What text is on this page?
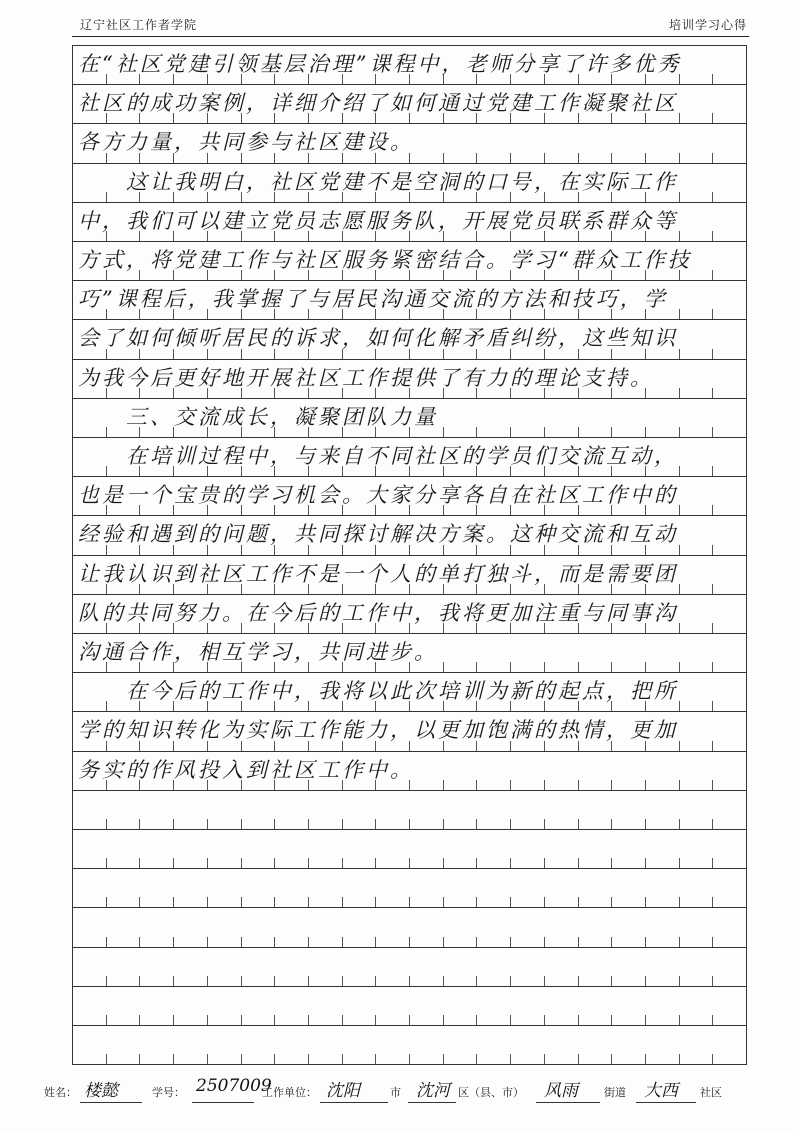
辽宁社区工作者学院	培训学习心得
在“社区党建引领基层治理”课程中，老师分享了许多优秀
社区的成功案例，详细介绍了如何通过党建工作凝聚社区
各方力量，共同参与社区建设。
　　这让我明白，社区党建不是空洞的口号，在实际工作
中，我们可以建立党员志愿服务队，开展党员联系群众等
方式，将党建工作与社区服务紧密结合。学习“群众工作技
巧”课程后，我掌握了与居民沟通交流的方法和技巧，学
会了如何倾听居民的诉求，如何化解矛盾纠纷，这些知识
为我今后更好地开展社区工作提供了有力的理论支持。
　　三、交流成长，凝聚团队力量
　　在培训过程中，与来自不同社区的学员们交流互动，
也是一个宝贵的学习机会。大家分享各自在社区工作中的
经验和遇到的问题，共同探讨解决方案。这种交流和互动
让我认识到社区工作不是一个人的单打独斗，而是需要团
队的共同努力。在今后的工作中，我将更加注重与同事沟
沟通合作，相互学习，共同进步。
　　在今后的工作中，我将以此次培训为新的起点，把所
学的知识转化为实际工作能力，以更加饱满的热情，更加
务实的作风投入到社区工作中。
姓名： 楼懿	学号： 2507009
工作单位： 沈阳	市 沈河 区（县、市） 风雨 街道 大西 社区
